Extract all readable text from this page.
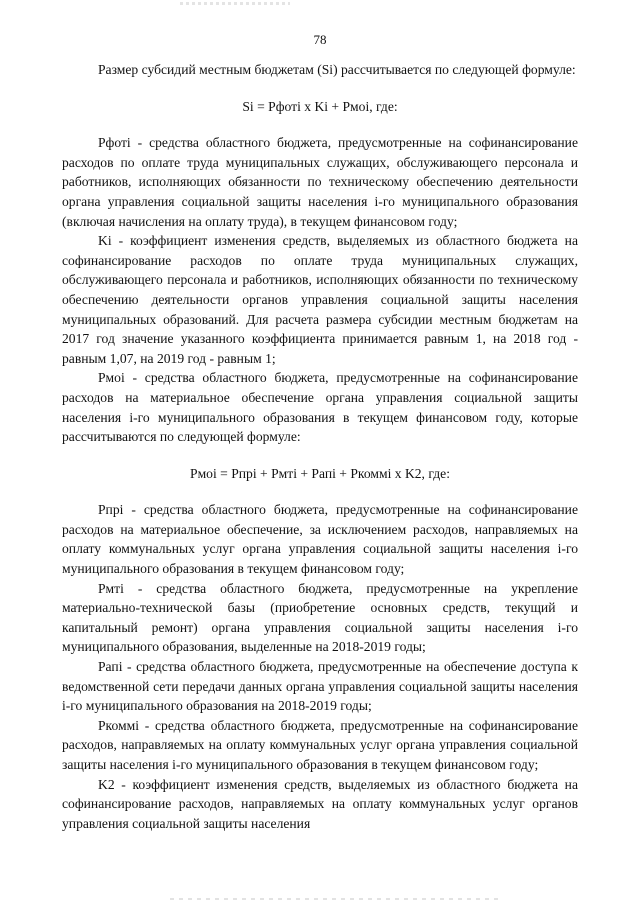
78

Размер субсидий местным бюджетам (Si) рассчитывается по следующей формуле:

Si = Pфотi x Ki + Pмоi, где:

Pфотi - средства областного бюджета, предусмотренные на софинансирование расходов по оплате труда муниципальных служащих, обслуживающего персонала и работников, исполняющих обязанности по техническому обеспечению деятельности органа управления социальной защиты населения i-го муниципального образования (включая начисления на оплату труда), в текущем финансовом году;

Ki - коэффициент изменения средств, выделяемых из областного бюджета на софинансирование расходов по оплате труда муниципальных служащих, обслуживающего персонала и работников, исполняющих обязанности по техническому обеспечению деятельности органов управления социальной защиты населения муниципальных образований. Для расчета размера субсидии местным бюджетам на 2017 год значение указанного коэффициента принимается равным 1, на 2018 год - равным 1,07, на 2019 год - равным 1;

Pмоi - средства областного бюджета, предусмотренные на софинансирование расходов на материальное обеспечение органа управления социальной защиты населения i-го муниципального образования в текущем финансовом году, которые рассчитываются по следующей формуле:

Pмоi = Pпрi + Pмтi + Pапi + Pкоммi x K2, где:

Pпрi - средства областного бюджета, предусмотренные на софинансирование расходов на материальное обеспечение, за исключением расходов, направляемых на оплату коммунальных услуг органа управления социальной защиты населения i-го муниципального образования в текущем финансовом году;

Pмтi - средства областного бюджета, предусмотренные на укрепление материально-технической базы (приобретение основных средств, текущий и капитальный ремонт) органа управления социальной защиты населения i-го муниципального образования, выделенные на 2018-2019 годы;

Pапi - средства областного бюджета, предусмотренные на обеспечение доступа к ведомственной сети передачи данных органа управления социальной защиты населения i-го муниципального образования на 2018-2019 годы;

Pкоммi - средства областного бюджета, предусмотренные на софинансирование расходов, направляемых на оплату коммунальных услуг органа управления социальной защиты населения i-го муниципального образования в текущем финансовом году;

K2 - коэффициент изменения средств, выделяемых из областного бюджета на софинансирование расходов, направляемых на оплату коммунальных услуг органов управления социальной защиты населения
